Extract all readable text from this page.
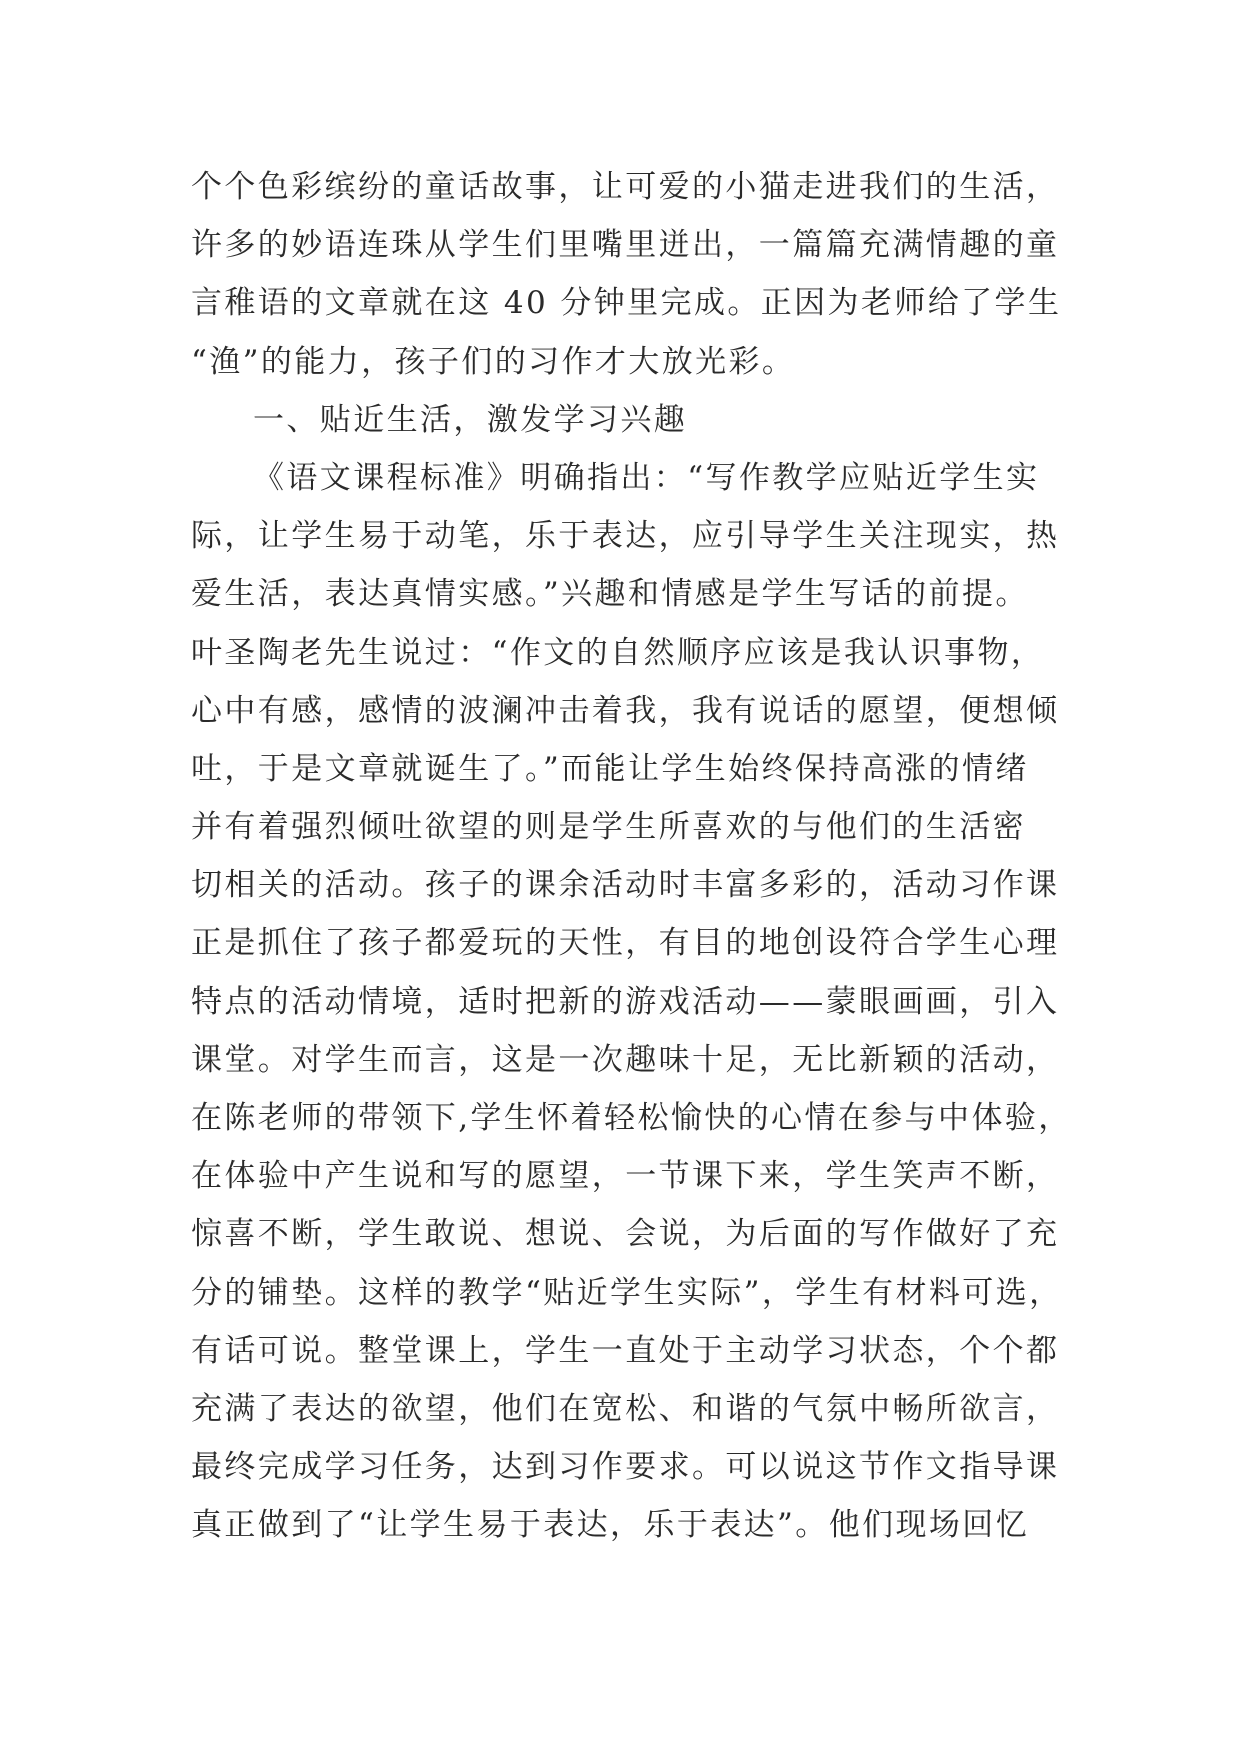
个个色彩缤纷的童话故事，让可爱的小猫走进我们的生活，
许多的妙语连珠从学生们里嘴里迸出，一篇篇充满情趣的童
言稚语的文章就在这 40 分钟里完成。正因为老师给了学生
“渔”的能力，孩子们的习作才大放光彩。
一、贴近生活，激发学习兴趣
《语文课程标准》明确指出：“写作教学应贴近学生实
际，让学生易于动笔，乐于表达，应引导学生关注现实，热
爱生活，表达真情实感。”兴趣和情感是学生写话的前提。
叶圣陶老先生说过：“作文的自然顺序应该是我认识事物，
心中有感，感情的波澜冲击着我，我有说话的愿望，便想倾
吐，于是文章就诞生了。”而能让学生始终保持高涨的情绪
并有着强烈倾吐欲望的则是学生所喜欢的与他们的生活密
切相关的活动。孩子的课余活动时丰富多彩的，活动习作课
正是抓住了孩子都爱玩的天性，有目的地创设符合学生心理
特点的活动情境，适时把新的游戏活动——蒙眼画画，引入
课堂。对学生而言，这是一次趣味十足，无比新颖的活动，
在陈老师的带领下,学生怀着轻松愉快的心情在参与中体验，
在体验中产生说和写的愿望，一节课下来，学生笑声不断，
惊喜不断，学生敢说、想说、会说，为后面的写作做好了充
分的铺垫。这样的教学“贴近学生实际”，学生有材料可选，
有话可说。整堂课上，学生一直处于主动学习状态，个个都
充满了表达的欲望，他们在宽松、和谐的气氛中畅所欲言，
最终完成学习任务，达到习作要求。可以说这节作文指导课
真正做到了“让学生易于表达，乐于表达”。他们现场回忆
